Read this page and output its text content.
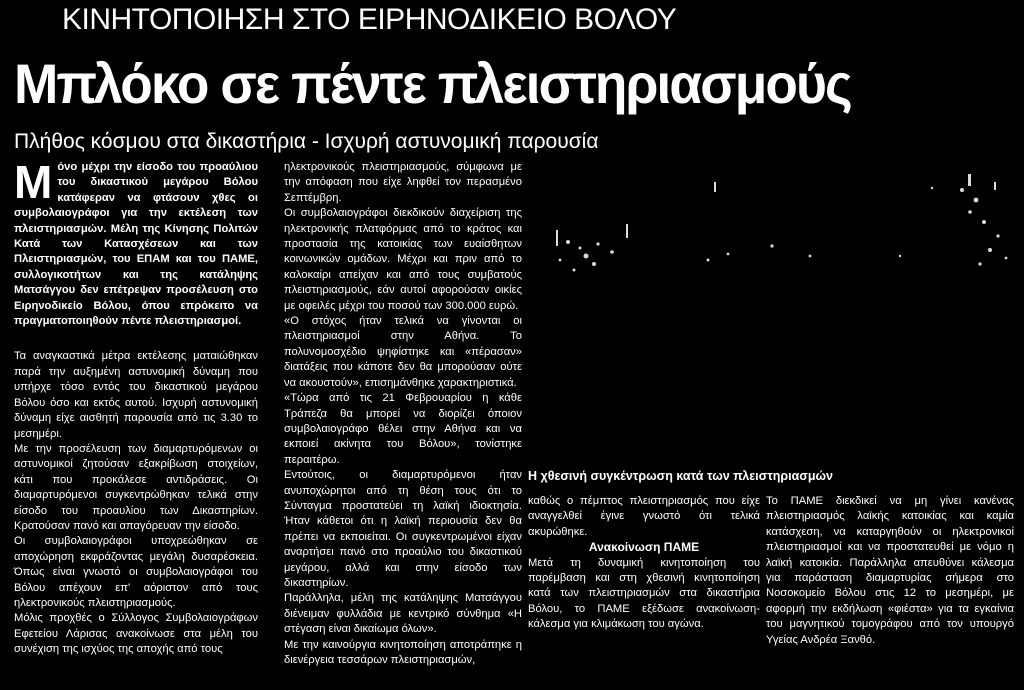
ΚΙΝΗΤΟΠΟΙΗΣΗ ΣΤΟ ΕΙΡΗΝΟΔΙΚΕΙΟ ΒΟΛΟΥ
Μπλόκο σε πέντε πλειστηριασμούς
Πλήθος κόσμου στα δικαστήρια - Ισχυρή αστυνομική παρουσία

Μόνο μέχρι την είσοδο του προαύλιου του δικαστικού μεγάρου Βόλου κατάφεραν να φτάσουν χθες οι συμβολαιογράφοι για την εκτέλεση των πλειστηριασμών. Μέλη της Κίνησης Πολιτών Κατά των Κατασχέσεων και των Πλειστηριασμών, του ΕΠΑΜ και του ΠΑΜΕ, συλλογικοτήτων και της κατάληψης Ματσάγγου δεν επέτρεψαν προσέλευση στο Ειρηνοδικείο Βόλου, όπου επρόκειτο να πραγματοποιηθούν πέντε πλειστηριασμοί.

Τα αναγκαστικά μέτρα εκτέλεσης ματαιώθηκαν παρά την αυξημένη αστυνομική δύναμη που υπήρχε τόσο εντός του δικαστικού μεγάρου Βόλου όσο και εκτός αυτού. Ισχυρή αστυνομική δύναμη είχε αισθητή παρουσία από τις 3.30 το μεσημέρι.

Με την προσέλευση των διαμαρτυρόμενων οι αστυνομικοί ζητούσαν εξακρίβωση στοιχείων, κάτι που προκάλεσε αντιδράσεις. Οι διαμαρτυρόμενοι συγκεντρώθηκαν τελικά στην είσοδο του προαυλίου των Δικαστηρίων. Κρατούσαν πανό και απαγόρευαν την είσοδο.

Οι συμβολαιογράφοι υποχρεώθηκαν σε αποχώρηση εκφράζοντας μεγάλη δυσαρέσκεια. Όπως είναι γνωστό οι συμβολαιογράφοι του Βόλου απέχουν επ' αόριστον από τους ηλεκτρονικούς πλειστηριασμούς.

Μόλις προχθές ο Σύλλογος Συμβολαιογράφων Εφετείου Λάρισας ανακοίνωσε στα μέλη του συνέχιση της ισχύος της αποχής από τους

ηλεκτρονικούς πλειστηριασμούς, σύμφωνα με την απόφαση που είχε ληφθεί τον περασμένο Σεπτέμβρη.

Οι συμβολαιογράφοι διεκδικούν διαχείριση της ηλεκτρονικής πλατφόρμας από το κράτος και προστασία της κατοικίας των ευαίσθητων κοινωνικών ομάδων. Μέχρι και πριν από το καλοκαίρι απείχαν και από τους συμβατούς πλειστηριασμούς, εάν αυτοί αφορούσαν οικίες με οφειλές μέχρι του ποσού των 300.000 ευρώ.

«Ο στόχος ήταν τελικά να γίνονται οι πλειστηριασμοί στην Αθήνα. Το πολυνομοσχέδιο ψηφίστηκε και «πέρασαν» διατάξεις που κάποτε δεν θα μπορούσαν ούτε να ακουστούν», επισημάνθηκε χαρακτηριστικά.

«Τώρα από τις 21 Φεβρουαρίου η κάθε Τράπεζα θα μπορεί να διορίζει όποιον συμβολαιογράφο θέλει στην Αθήνα και να εκποιεί ακίνητα του Βόλου», τονίστηκε περαιτέρω.

Εντούτοις, οι διαμαρτυρόμενοι ήταν ανυποχώρητοι από τη θέση τους ότι το Σύνταγμα προστατεύει τη λαϊκή ιδιοκτησία. Ήταν κάθετοι ότι η λαϊκή περιουσία δεν θα πρέπει να εκποιείται. Οι συγκεντρωμένοι είχαν αναρτήσει πανό στο προαύλιο του δικαστικού μεγάρου, αλλά και στην είσοδο των δικαστηρίων.

Παράλληλα, μέλη της κατάληψης Ματσάγγου διένειμαν φυλλάδια με κεντρικό σύνθημα «Η στέγαση είναι δικαίωμα όλων».

Με την καινούργια κινητοποίηση αποτράπηκε η διενέργεια τεσσάρων πλειστηριασμών,

Η χθεσινή συγκέντρωση κατά των πλειστηριασμών

καθώς ο πέμπτος πλειστηριασμός που είχε αναγγελθεί έγινε γνωστό ότι τελικά ακυρώθηκε.

Ανακοίνωση ΠΑΜΕ

Μετά τη δυναμική κινητοποίηση του παρέμβαση και στη χθεσινή κινητοποίηση κατά των πλειστηριασμών στα δικαστήρια Βόλου, το ΠΑΜΕ εξέδωσε ανακοίνωση-κάλεσμα για κλιμάκωση του αγώνα.

Το ΠΑΜΕ διεκδικεί να μη γίνει κανένας πλειστηριασμός λαϊκής κατοικίας και καμία κατάσχεση, να καταργηθούν οι ηλεκτρονικοί πλειστηριασμοί και να προστατευθεί με νόμο η λαϊκή κατοικία. Παράλληλα απευθύνει κάλεσμα για παράσταση διαμαρτυρίας σήμερα στο Νοσοκομείο Βόλου στις 12 το μεσημέρι, με αφορμή την εκδήλωση «φιέστα» για τα εγκαίνια του μαγνητικού τομογράφου από τον υπουργό Υγείας Ανδρέα Ξανθό.
